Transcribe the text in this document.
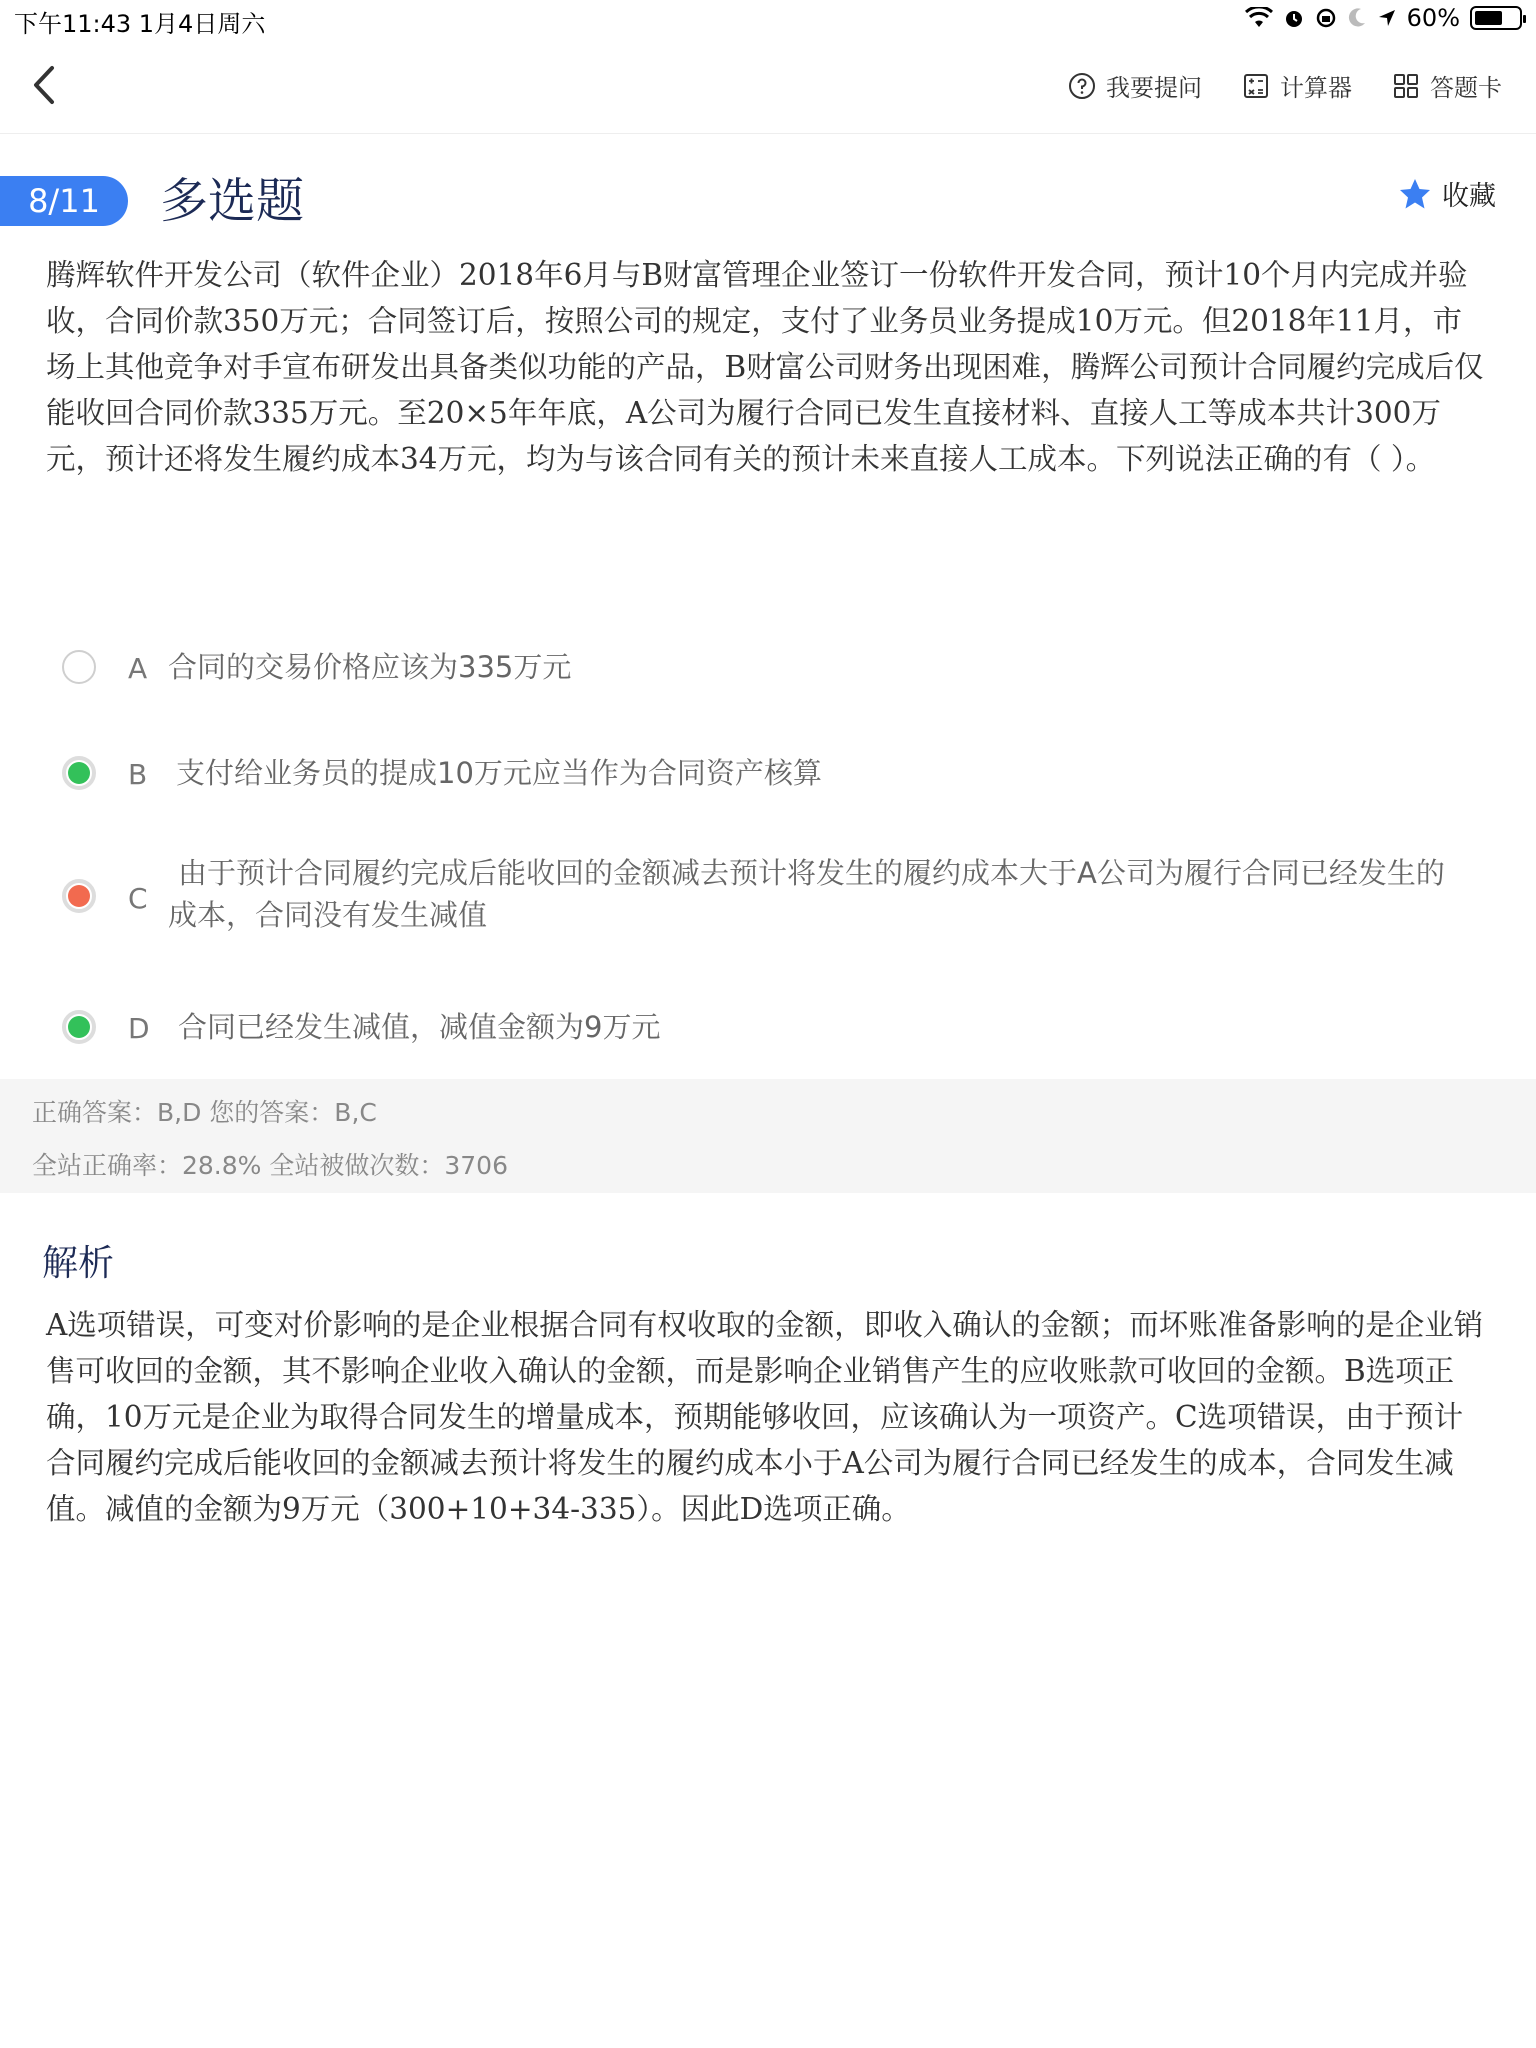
下午11:43 1月4日周六	60%
我要提问	计算器	答题卡
8/11	多选题	收藏
腾辉软件开发公司（软件企业）2018年6月与B财富管理企业签订一份软件开发合同，预计10个月内完成并验收，合同价款350万元；合同签订后，按照公司的规定，支付了业务员业务提成10万元。但2018年11月，市场上其他竞争对手宣布研发出具备类似功能的产品，B财富公司财务出现困难，腾辉公司预计合同履约完成后仅能收回合同价款335万元。至20×5年年底，A公司为履行合同已发生直接材料、直接人工等成本共计300万元，预计还将发生履约成本34万元，均为与该合同有关的预计未来直接人工成本。下列说法正确的有（ ）。
A 合同的交易价格应该为335万元
B 支付给业务员的提成10万元应当作为合同资产核算
C
由于预计合同履约完成后能收回的金额减去预计将发生的履约成本大于A公司为履行合同已经发生的
成本，合同没有发生减值
D 合同已经发生减值，减值金额为9万元
正确答案：B,D 您的答案：B,C
全站正确率：28.8% 全站被做次数：3706
解析
A选项错误，可变对价影响的是企业根据合同有权收取的金额，即收入确认的金额；而坏账准备影响的是企业销售可收回的金额，其不影响企业收入确认的金额，而是影响企业销售产生的应收账款可收回的金额。B选项正确，10万元是企业为取得合同发生的增量成本，预期能够收回，应该确认为一项资产。C选项错误，由于预计合同履约完成后能收回的金额减去预计将发生的履约成本小于A公司为履行合同已经发生的成本，合同发生减值。减值的金额为9万元（300+10+34-335）。因此D选项正确。
